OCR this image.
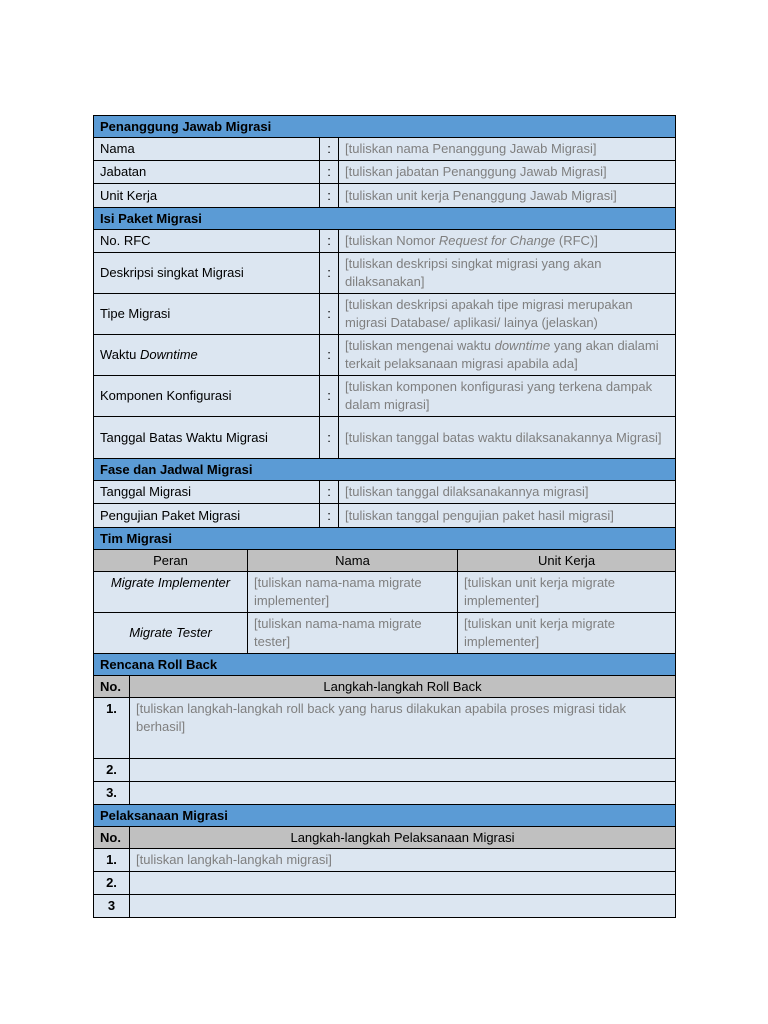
Penanggung Jawab Migrasi		
Nama	:	[tuliskan nama Penanggung Jawab Migrasi]
Jabatan	:	[tuliskan jabatan Penanggung Jawab Migrasi]
Unit Kerja	:	[tuliskan unit kerja Penanggung Jawab Migrasi]
Isi Paket Migrasi		
No. RFC	:	[tuliskan Nomor Request for Change (RFC)]
Deskripsi singkat Migrasi	:	[tuliskan deskripsi singkat migrasi yang akan dilaksanakan]
Tipe Migrasi	:	[tuliskan deskripsi apakah tipe migrasi merupakan migrasi Database/ aplikasi/ lainya (jelaskan)
Waktu Downtime	:	[tuliskan mengenai waktu downtime yang akan dialami terkait pelaksanaan migrasi apabila ada]
Komponen Konfigurasi	:	[tuliskan komponen konfigurasi yang terkena dampak dalam migrasi]
Tanggal Batas Waktu Migrasi	:	[tuliskan tanggal batas waktu dilaksanakannya Migrasi]
Fase dan Jadwal Migrasi		
Tanggal Migrasi	:	[tuliskan tanggal dilaksanakannya migrasi]
Pengujian Paket Migrasi	:	[tuliskan tanggal pengujian paket hasil migrasi]
Tim Migrasi		
Peran	Nama	Unit Kerja
Migrate Implementer	[tuliskan nama-nama migrate implementer]	[tuliskan unit kerja migrate implementer]
Migrate Tester	[tuliskan nama-nama migrate tester]	[tuliskan unit kerja migrate implementer]
Rencana Roll Back	
No.	Langkah-langkah Roll Back
1.	[tuliskan langkah-langkah roll back yang harus dilakukan apabila proses migrasi tidak berhasil]
2.	
3.	
Pelaksanaan Migrasi	
No.	Langkah-langkah Pelaksanaan Migrasi
1.	[tuliskan langkah-langkah migrasi]
2.	
3	
